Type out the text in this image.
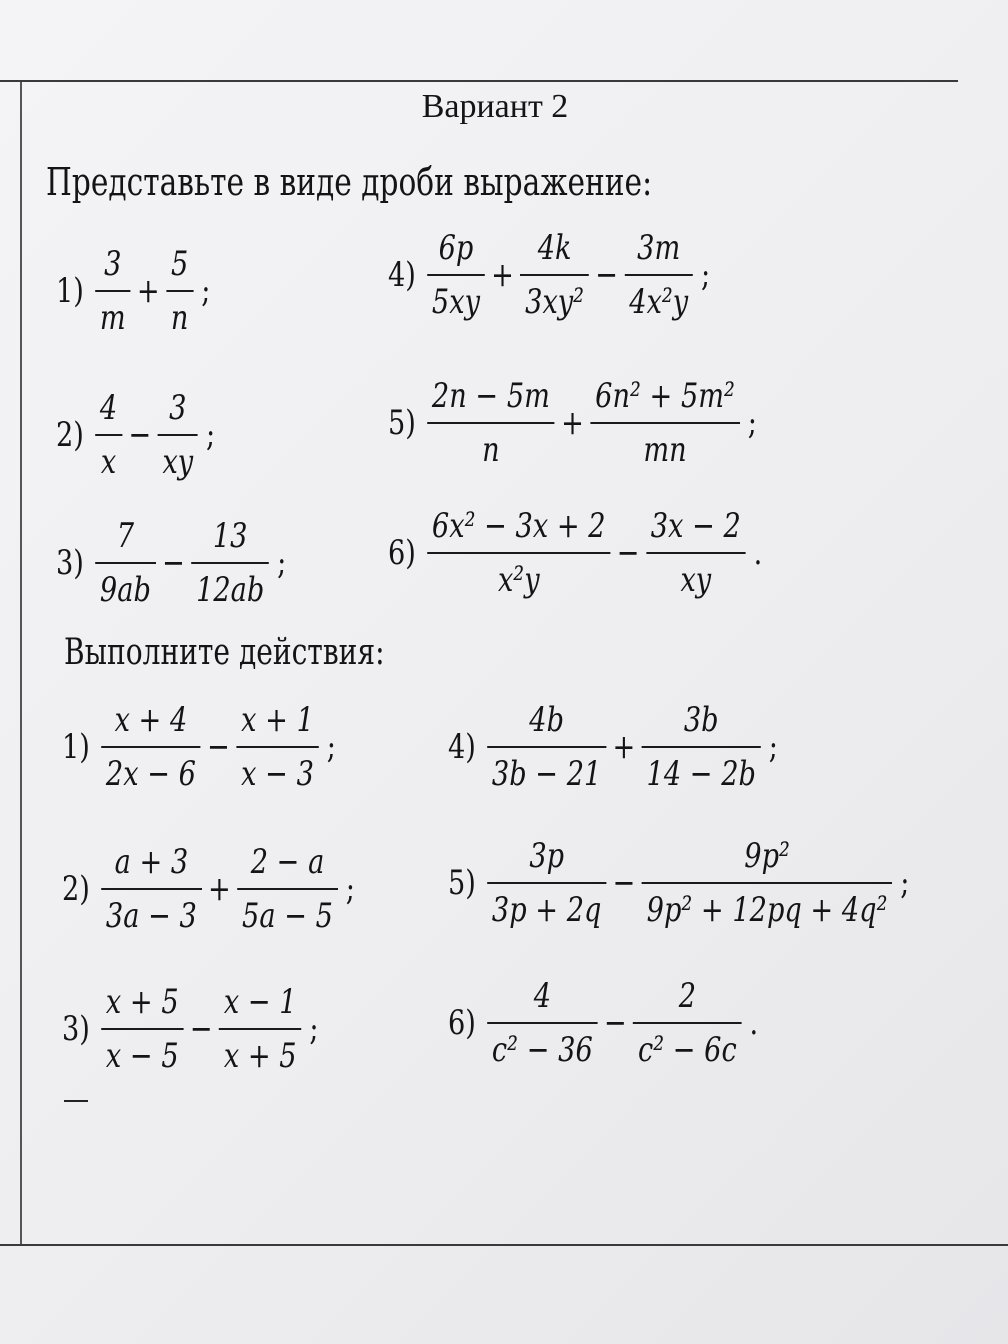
Вариант 2
Представьте в виде дроби выражение:
$1) \frac{3}{m} + \frac{5}{n}$ ;
$2) \frac{4}{x} - \frac{3}{xy}$ ;
$3) \frac{7}{9ab} - \frac{13}{12ab}$ ;
$4) \frac{6p}{5xy} + \frac{4k}{\text{3xy²}} - \frac{3m}{\text{4x²y}}$ ;
$5) \frac{2n - 5m}{n} + \frac{\text{6n² + 5m²}}{mn}$ ;
$6) \frac{\text{6x² − 3x + 2}}{\text{x²y}} - \frac{3x - 2}{xy}$ .
Выполните действия:
$1) \frac{x + 4}{2x - 6} - \frac{x + 1}{x - 3}$ ;
$2) \frac{a + 3}{3a - 3} + \frac{2 - a}{5a - 5}$ ;
$3) \frac{x + 5}{x - 5} - \frac{x - 1}{x + 5}$ ;
$4) \frac{4b}{3b - 21} + \frac{3b}{14 - 2b}$ ;
$5) \frac{3p}{3p + 2q} - \frac{\text{9p²}}{\text{9p² + 12pq + 4q²}}$ ;
$6) \frac{4}{\text{c² − 36}} - \frac{2}{\text{c² − 6c}}$ .
